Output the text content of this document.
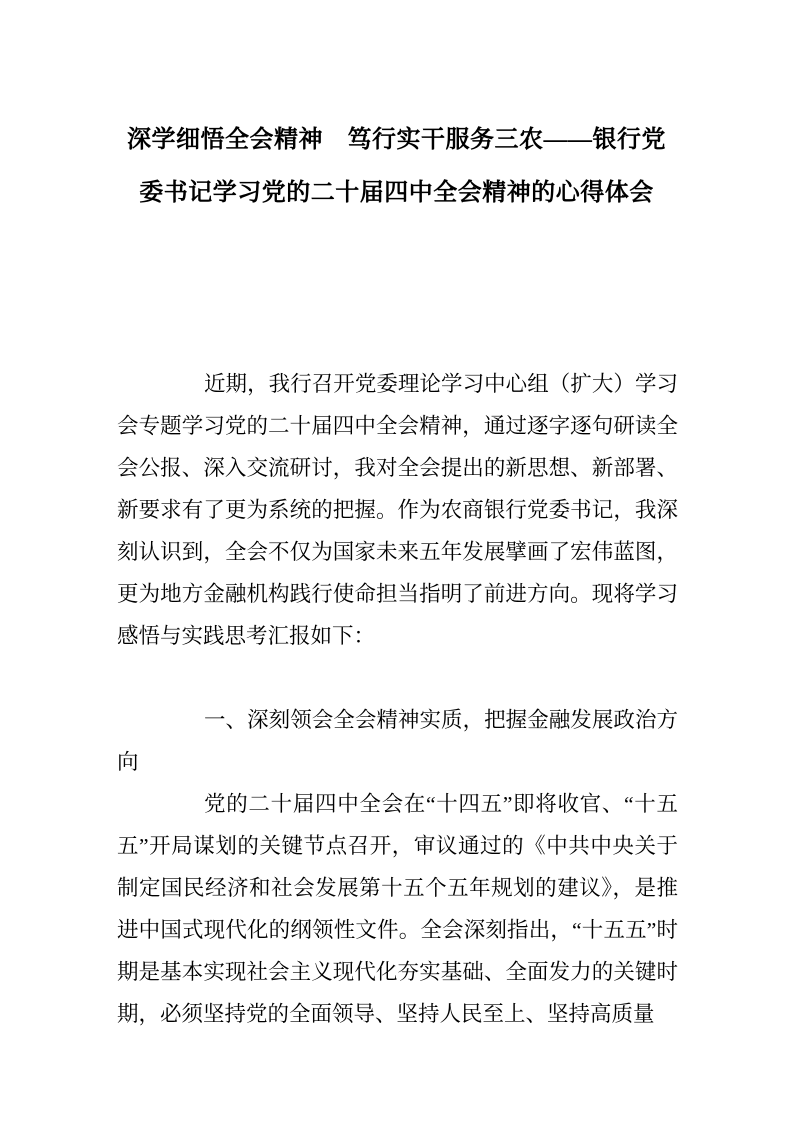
深学细悟全会精神　笃行实干服务三农——银行党
委书记学习党的二十届四中全会精神的心得体会

近期，我行召开党委理论学习中心组（扩大）学习会专题学习党的二十届四中全会精神，通过逐字逐句研读全会公报、深入交流研讨，我对全会提出的新思想、新部署、新要求有了更为系统的把握。作为农商银行党委书记，我深刻认识到，全会不仅为国家未来五年发展擘画了宏伟蓝图，更为地方金融机构践行使命担当指明了前进方向。现将学习感悟与实践思考汇报如下：

一、深刻领会全会精神实质，把握金融发展政治方向

党的二十届四中全会在“十四五”即将收官、“十五五”开局谋划的关键节点召开，审议通过的《中共中央关于制定国民经济和社会发展第十五个五年规划的建议》，是推进中国式现代化的纲领性文件。全会深刻指出，“十五五”时期是基本实现社会主义现代化夯实基础、全面发力的关键时期，必须坚持党的全面领导、坚持人民至上、坚持高质量
